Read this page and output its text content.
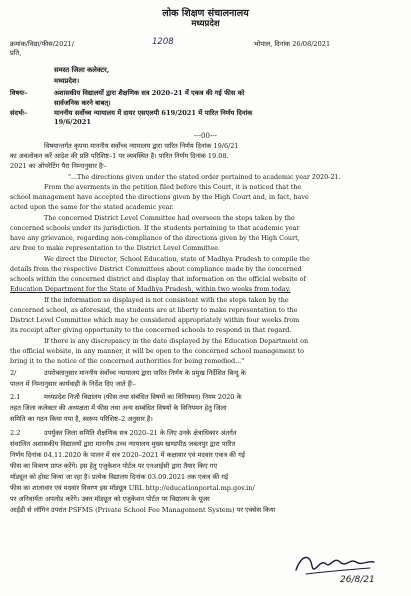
लोक शिक्षण संचालनालय
मध्यप्रदेश
क्रमांक/विद्या/फीस/2021/	1208	भोपाल, दिनांक 26/08/2021
प्रति,
समस्त जिला कलेक्टर,
मध्यप्रदेश।
विषयः–	अशासकीय विद्यालयों द्वारा शैक्षणिक सत्र 2020–21 में एकत्र की गई फीस को
सार्वजनिक करने बाबत्।
संदर्भः–	माननीय सर्वोच्च न्यायालय में दायर एसएलपी 619/2021 में पारित निर्णय दिनांक
19/6/2021
---00---
विषयान्तर्गत कृपया माननीय सर्वोच्च न्यायालय द्वारा पारित निर्णय दिनांक 19/6/21
का अवलोकन करें आदेश की प्रति परिशिष्ट–1 पर व्यवस्थित है। पारित निर्णय दिनांक 19.08.
2021 का ऑपरेटिंग पैरा निम्नानुसार हैः–
"...The directions given under the stated order pertained to academic year 2020-21.
From the averments in the petition filed before this Court, it is noticed that the
school management have accepted the directions given by the High Court and, in fact, have
acted upon the same for the stated academic year.
The concerned District Level Committee had overseen the steps taken by the
concerned schools under its jurisdiction. If the students pertaining to that academic year
have any grievance, regarding non-compliance of the directions given by the High Court,
are free to make representation to the District Level Committee.
We direct the Director, School Education, state of Madhya Pradesh to compile the
details from the respective District Committees about compliance made by the concerned
schools within the concerned district and display that information on the official website of
Education Department for the State of Madhya Pradesh, within two weeks from today.
If the information so displayed is not consistent with the steps taken by the
concerned school, as aforesaid, the students are at liberty to make representation to the
District Level Committee which may be considered appropriately within four weeks from
its receipt after giving opportunity to the concerned schools to respond in that regard.
If there is any discrepancy in the date displayed by the Education Department on
the official website, in any manner, it will be open to the concerned school management to
bring it to the notice of the concerned authorities for being remedied..."
2/	उपरोक्तानुसार माननीय सर्वोच्च न्यायालय द्वारा पारित निर्णय के प्रमुख निर्देशित बिन्दु के
पालन में निम्नानुसार कार्यवाही के निर्देश दिए जाते हैंः–
2.1	मध्यप्रदेश निजी विद्यालय (फीस तथा संबंधित विषयों का विनियमन) नियम 2020 के
तहत जिला कलेक्टर की अध्यक्षता में फीस तथा अन्य सम्बंधित विषयों के विनियमन हेतु जिला
समिति का गठन किया गया है, स्वरूप परिशिष्ट–2 अनुसार है।
2.2	उपर्युक्त जिला समिति शैक्षणिक सत्र 2020–21 के लिए उनके क्षेत्राधिकार अंतर्गत
संचालित अशासकीय विद्यालयों द्वारा माननीय उच्च न्यायालय मुख्य खण्डपीठ जबलपुर द्वारा पारित
निर्णय दिनांक 04.11.2020 के पालन में सत्र 2020–2021 में कक्षावार एवं मदवार एकत्र की गई
फीस का विवरण प्राप्त करेंगे। इस हेतु एजुकेशन पोर्टल पर एनआईसी द्वारा तैयार किए गए
मॉड्यूल को होस्ट किया जा रहा है। प्रत्येक विद्यालय दिनांक 03.09.2021 तक एकत्र की गई
फीस का शालावार एवं मदवार विवरण इस मॉड्यूल URL http://educationportal.mp.gov.in/
पर अनिवार्यतः अपलोड करेंगे। उक्त मॉड्यूल को एजुकेशन पोर्टल पर विद्यालय के यूजर
आईडी से लॉगिन उपरांत PSFMS (Private School Fee Management System) पर एक्सेस किया
26/8/21
